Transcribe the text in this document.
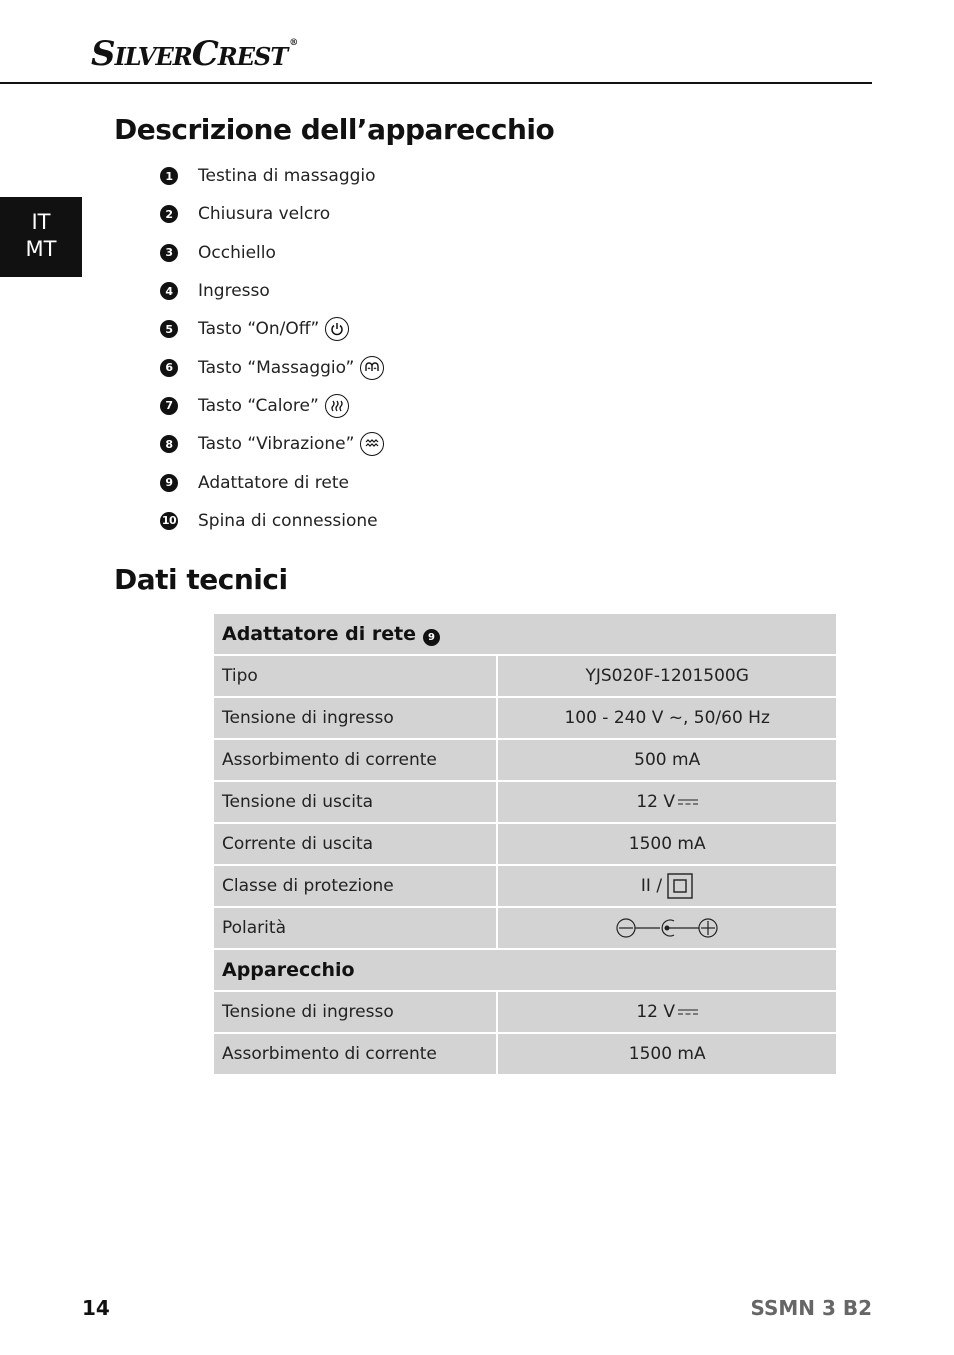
SILVERCREST ®
IT
MT
Descrizione dell’apparecchio
1	Testina di massaggio
2	Chiusura velcro
3	Occhiello
4	Ingresso
5	Tasto “On/Off”
6	Tasto “Massaggio”
7	Tasto “Calore”
8	Tasto “Vibrazione”
9	Adattatore di rete
10 Spina di connessione
Dati tecnici
Adattatore di rete 9	
Tipo	YJS020F-1201500G
Tensione di ingresso	100 - 240 V ~, 50/60 Hz
Assorbimento di corrente	500 mA
Tensione di uscita	12 V
Corrente di uscita	1500 mA
Classe di protezione	II /
Polarità	
Apparecchio	
Tensione di ingresso	12 V
Assorbimento di corrente	1500 mA
14	SSMN 3 B2
